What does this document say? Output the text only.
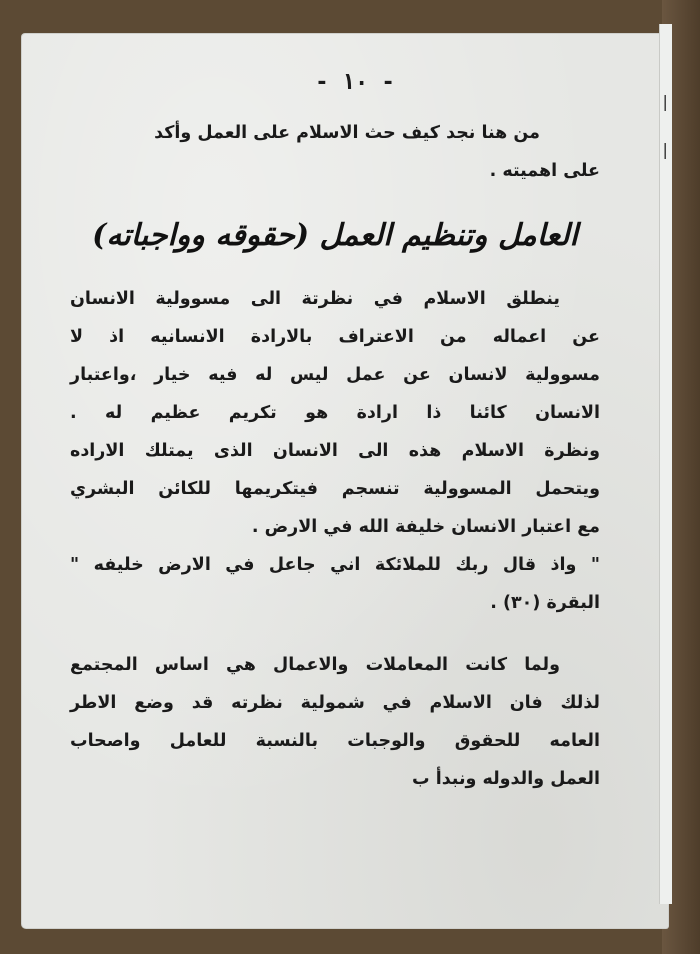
|
|
- ١٠ -
من هنا نجد كيف حث الاسلام على العمل وأكد
على اهميته .
العامل وتنظيم العمل (حقوقه وواجباته)
ينطلق الاسلام في نظرتة الى مسوولية الانسان
عن اعماله من الاعتراف بالارادة الانسانيه اذ لا
مسوولية لانسان عن عمل ليس له فيه خيار ،واعتبار
الانسان كائنا ذا ارادة هو تكريم عظيم له .
ونظرة الاسلام هذه الى الانسان الذى يمتلك الاراده
ويتحمل المسوولية تنسجم فيتكريمها للكائن البشري
مع اعتبار الانسان خليفة الله في الارض .
" واذ قال ربك للملائكة اني جاعل في الارض خليفه "
البقرة (٣٠) .
ولما كانت المعاملات والاعمال هي اساس المجتمع
لذلك فان الاسلام في شمولية نظرته قد وضع الاطر
العامه للحقوق والوجبات بالنسبة للعامل واصحاب
العمل والدوله ونبدأ ب
